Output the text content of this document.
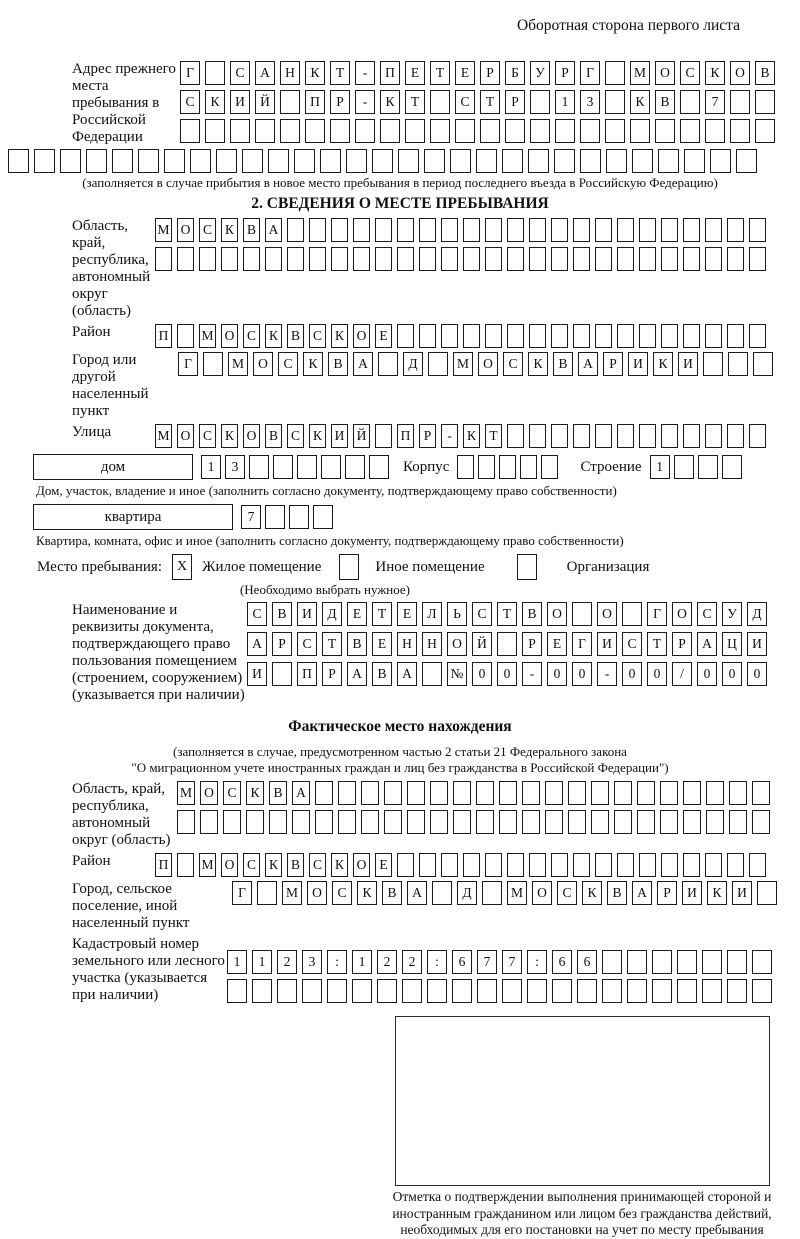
Оборотная сторона первого листа
Адрес прежнего места пребывания в Российской Федерации
Г	С	А	Н	К	Т	-	П	Е	Т	Е	Р	Б	У	Р	Г	М	О	С	К	О	В
С	К	И	Й	П	Р	-	К	Т	С	Т	Р	1	3	К	В	7
(заполняется в случае прибытия в новое место пребывания в период последнего въезда в Российскую Федерацию)
2. СВЕДЕНИЯ О МЕСТЕ ПРЕБЫВАНИЯ
Область, край, республика, автономный округ (область)
М О С К В А
Район	П М О С К В С К О Е
Город или другой населенный пункт
Г	М	О	С	К	В	А	Д	М	О	С	К	В	А	Р	И	К	И
Улица	М О С К О В С К И Й	П Р	-	К Т
дом	1	3	Корпус	Строение	1
Дом, участок, владение и иное (заполнить согласно документу, подтверждающему право собственности)
квартира	7
Квартира, комната, офис и иное (заполнить согласно документу, подтверждающему право собственности)
Место пребывания:	X Жилое помещение	Иное помещение	Организация
(Необходимо выбрать нужное)
Наименование и реквизиты документа, подтверждающего право пользования помещением (строением, сооружением) (указывается при наличии)
С	В	И	Д	Е	Т	Е	Л	Ь	С	Т	В	О	О	Г	О	С	У	Д
А	Р	С	Т	В	Е	Н	Н	О	Й	Р	Е	Г	И	С	Т	Р	А	Ц	И
И	П	Р	А	В	А	№	0	0	-	0	0	-	0	0	/	0	0	0
Фактическое место нахождения
(заполняется в случае, предусмотренном частью 2 статьи 21 Федерального закона
"О миграционном учете иностранных граждан и лиц без гражданства в Российской Федерации")
Область, край, республика, автономный округ (область)
М О	С	К	В	А
Район	П М О С К В С К О Е
Город, сельское поселение, иной населенный пункт
Г	М	О	С	К	В	А	Д	М	О	С	К	В	А	Р	И	К	И
Кадастровый номер земельного или лесного участка (указывается при наличии)
1	1	2	3	:	1	2	2	:	6	7	7	:	6	6
Отметка о подтверждении выполнения принимающей стороной и иностранным гражданином или лицом без гражданства действий, необходимых для его постановки на учет по месту пребывания
